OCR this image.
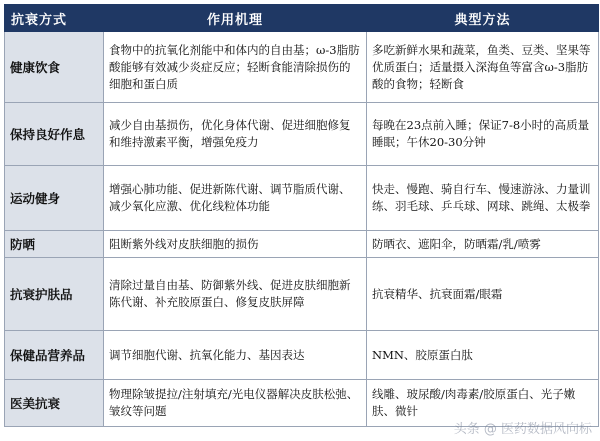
抗衰方式	作用机理	典型方法
健康饮食	食物中的抗氧化剂能中和体内的自由基；ω-3脂肪酸能够有效减少炎症反应；轻断食能清除损伤的细胞和蛋白质	多吃新鲜水果和蔬菜，鱼类、豆类、坚果等优质蛋白；适量摄入深海鱼等富含ω-3脂肪酸的食物；轻断食
保持良好作息	减少自由基损伤，优化身体代谢、促进细胞修复和维持激素平衡，增强免疫力	每晚在23点前入睡；保证7-8小时的高质量睡眠；午休20-30分钟
运动健身	增强心肺功能、促进新陈代谢、调节脂质代谢、减少氧化应激、优化线粒体功能	快走、慢跑、骑自行车、慢速游泳、力量训练、羽毛球、乒乓球、网球、跳绳、太极拳
防晒	阻断紫外线对皮肤细胞的损伤	防晒衣、遮阳伞，防晒霜/乳/喷雾
抗衰护肤品	清除过量自由基、防御紫外线、促进皮肤细胞新陈代谢、补充胶原蛋白、修复皮肤屏障	抗衰精华、抗衰面霜/眼霜
保健品营养品	调节细胞代谢、抗氧化能力、基因表达	NMN、胶原蛋白肽
医美抗衰	物理除皱提拉/注射填充/光电仪器解决皮肤松弛、皱纹等问题	线雕、玻尿酸/肉毒素/胶原蛋白、光子嫩肤、微针
头条 @ 医药数据风向标
